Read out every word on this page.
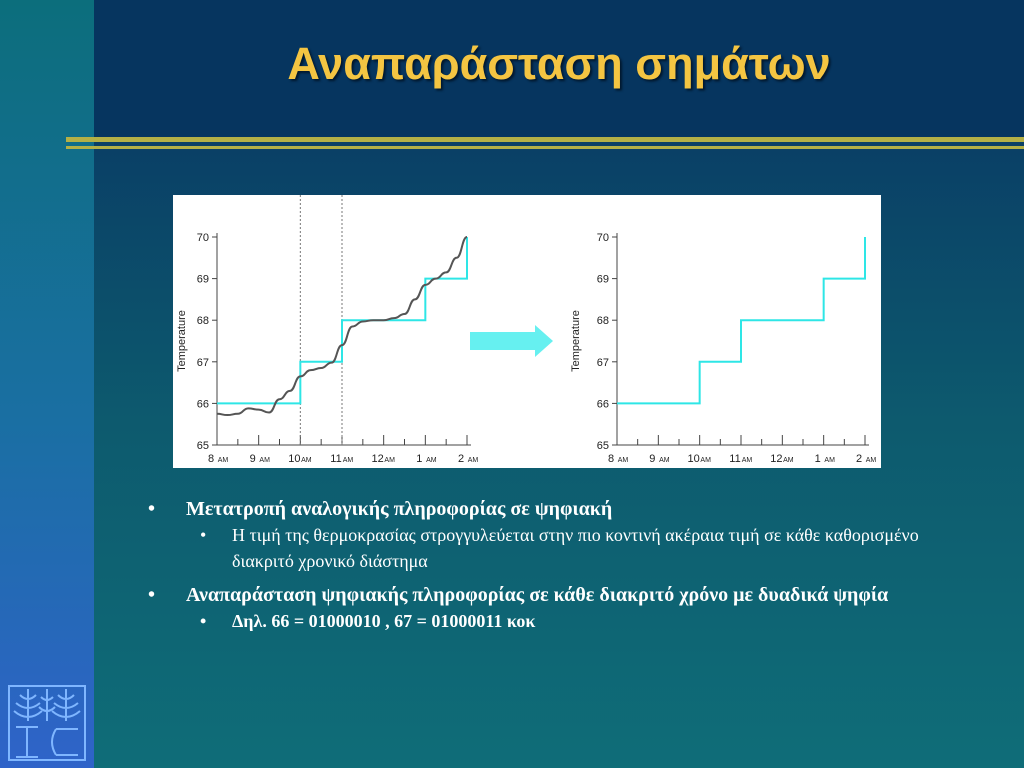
Αναπαράσταση σημάτων
65
66
67
68
69
70
8 AM 9 AM 10 AM 11 AM 12 AM 1 AM 2 AM
Temperature
65
66
67
68
69
70
8 AM 9 AM 10 AM 11 AM 12 AM 1 AM 2 AM
Temperature
• Μετατροπή αναλογικής πληροφορίας σε ψηφιακή
• Η τιμή της θερμοκρασίας στρογγυλεύεται στην πιο κοντινή ακέραια τιμή σε κάθε καθορισμένο διακριτό χρονικό διάστημα
• Αναπαράσταση ψηφιακής πληροφορίας σε κάθε διακριτό χρόνο με δυαδικά ψηφία
• Δηλ. 66 = 01000010 , 67 = 01000011 κοκ
